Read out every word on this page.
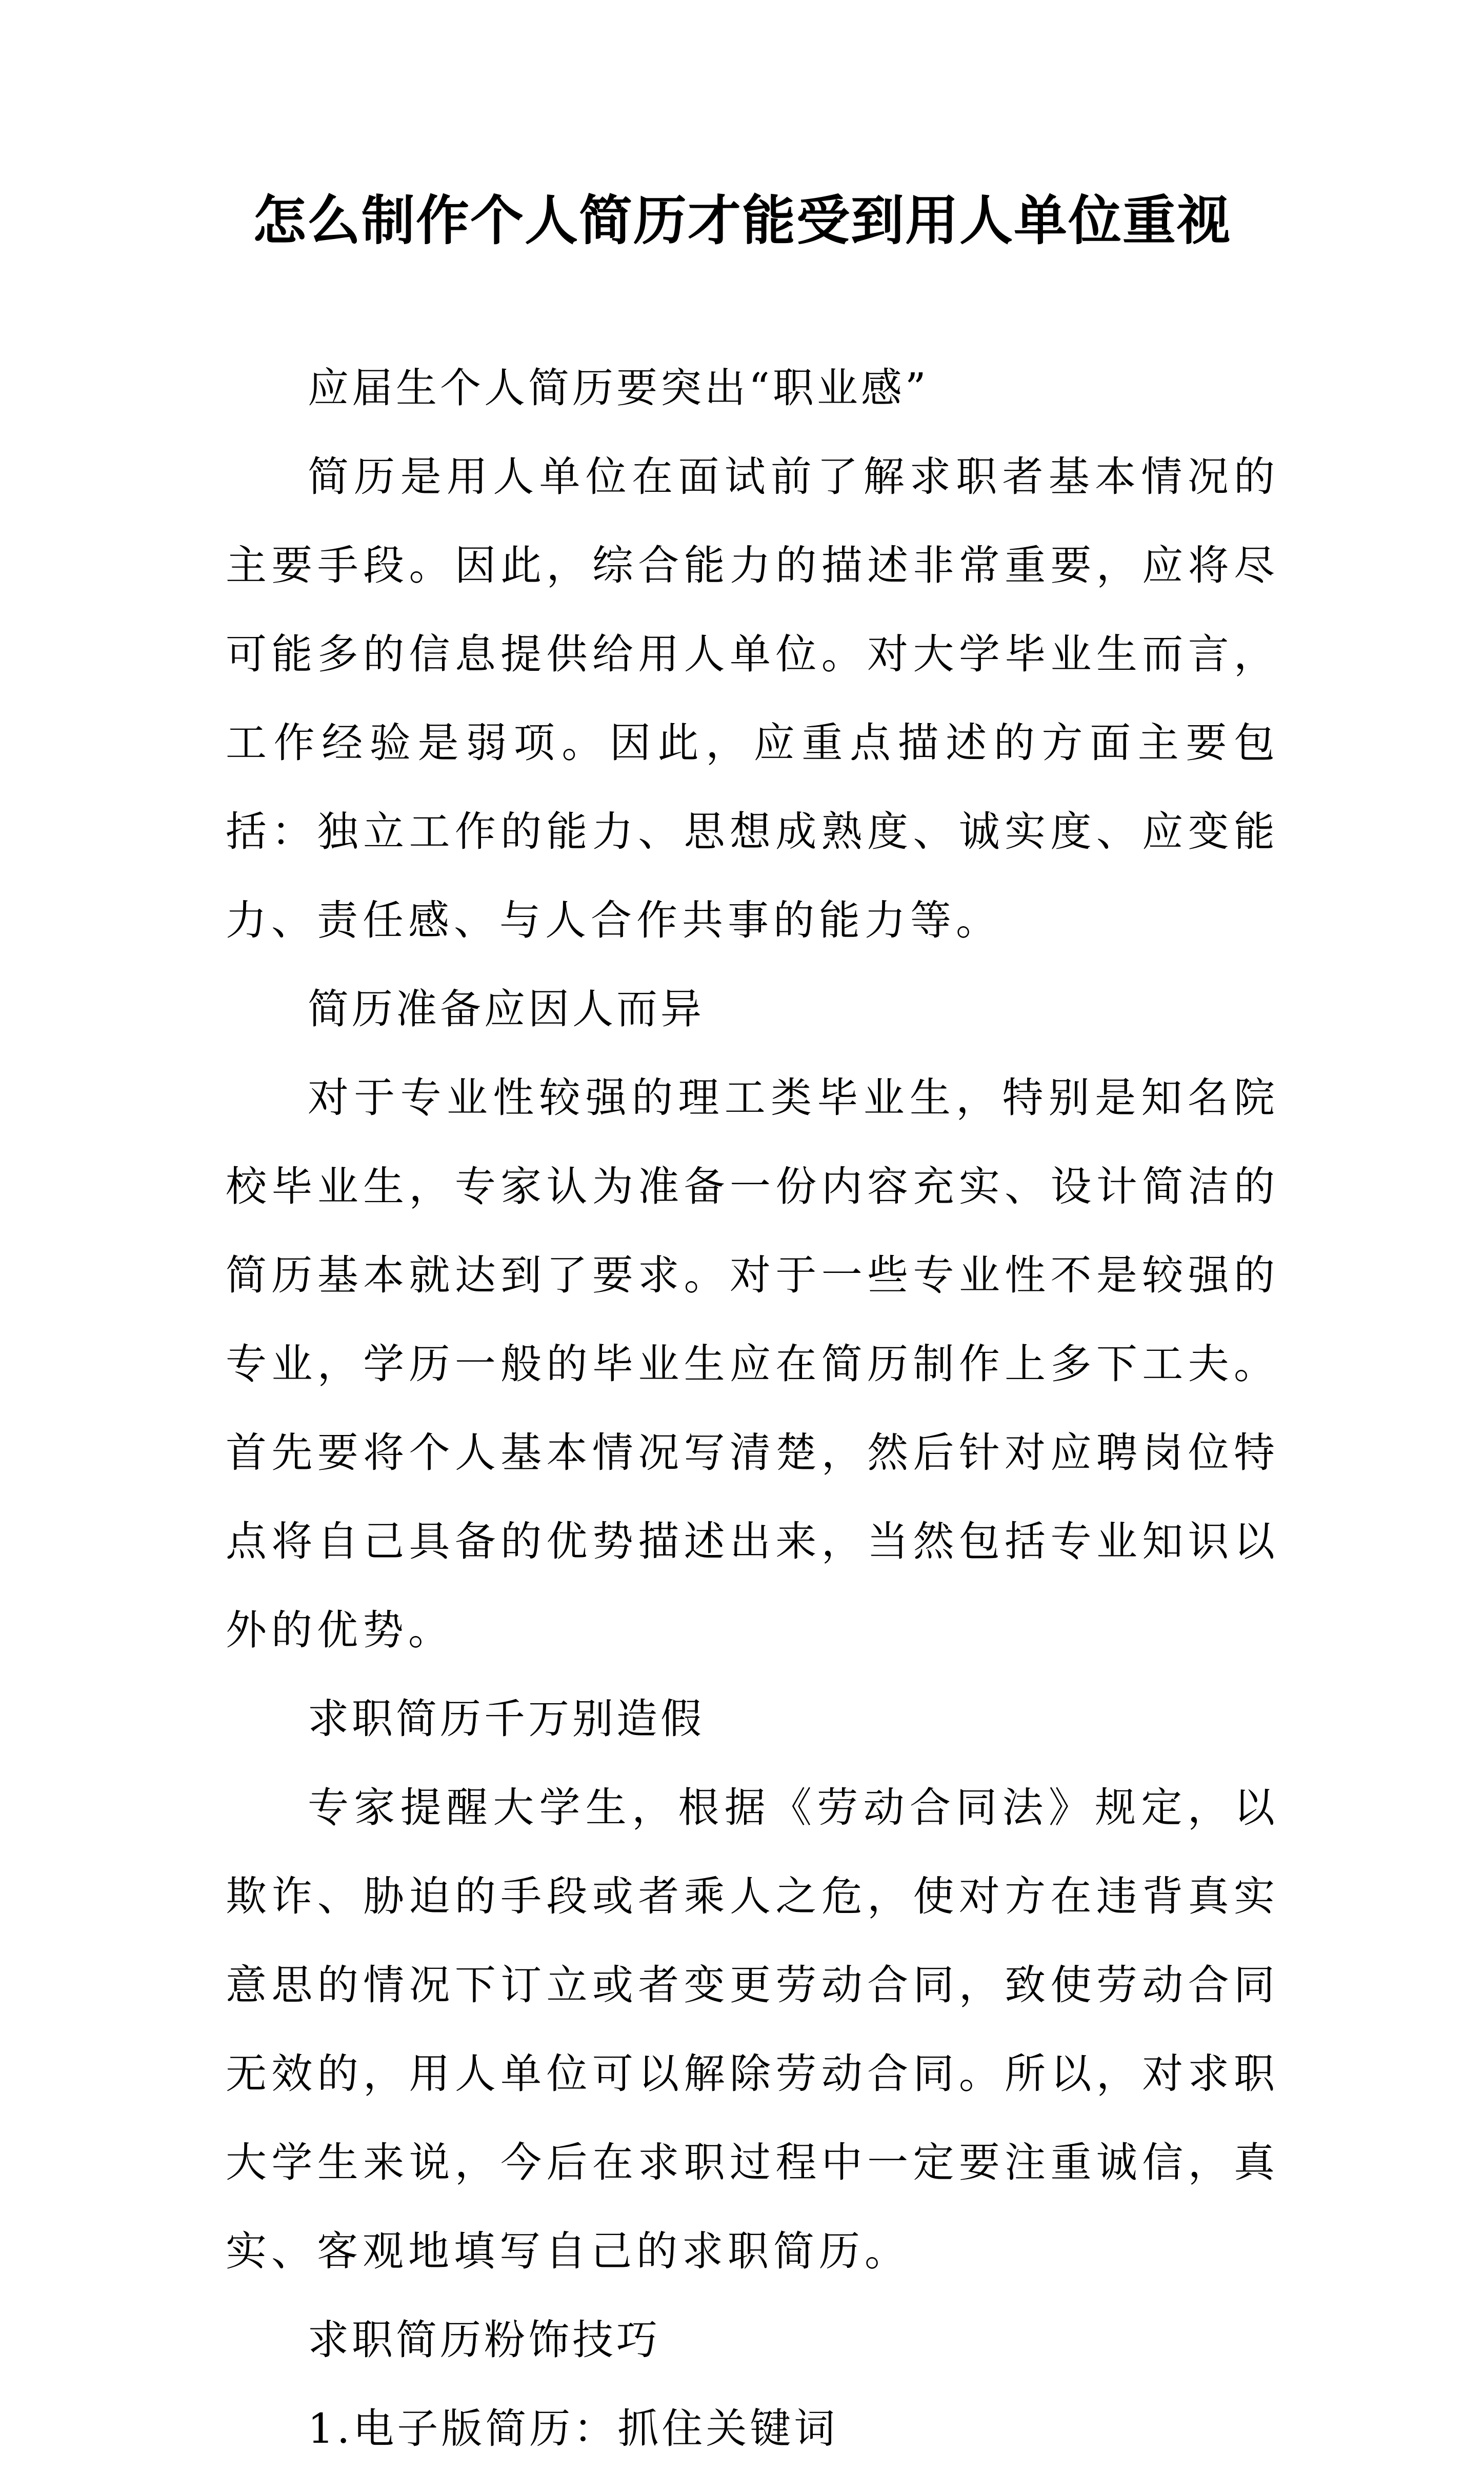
怎么制作个人简历才能受到用人单位重视

应届生个人简历要突出“职业感”

简历是用人单位在面试前了解求职者基本情况的主要手段。因此，综合能力的描述非常重要，应将尽可能多的信息提供给用人单位。对大学毕业生而言，工作经验是弱项。因此，应重点描述的方面主要包括：独立工作的能力、思想成熟度、诚实度、应变能力、责任感、与人合作共事的能力等。

简历准备应因人而异

对于专业性较强的理工类毕业生，特别是知名院校毕业生，专家认为准备一份内容充实、设计简洁的简历基本就达到了要求。对于一些专业性不是较强的专业，学历一般的毕业生应在简历制作上多下工夫。首先要将个人基本情况写清楚，然后针对应聘岗位特点将自己具备的优势描述出来，当然包括专业知识以外的优势。

求职简历千万别造假

专家提醒大学生，根据《劳动合同法》规定，以欺诈、胁迫的手段或者乘人之危，使对方在违背真实意思的情况下订立或者变更劳动合同，致使劳动合同无效的，用人单位可以解除劳动合同。所以，对求职大学生来说，今后在求职过程中一定要注重诚信，真实、客观地填写自己的求职简历。

求职简历粉饰技巧

1.电子版简历：抓住关键词
